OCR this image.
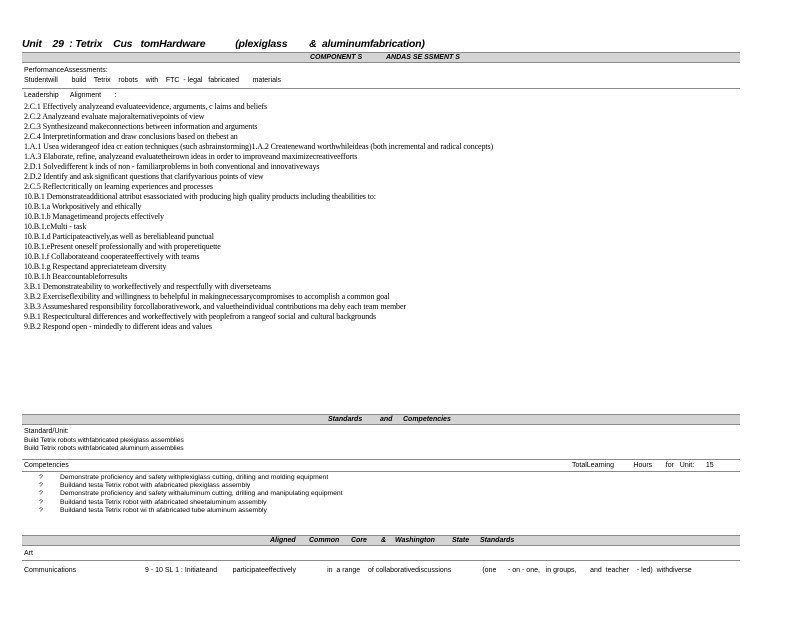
Unit    29  : Tetrix    Cus   tomHardware           (plexiglass        &  aluminumfabrication)
COMPONENT S	ANDAS SE SSMENT S
PerformanceAssessments:
Studentwill       build    Tetrix    robots    with    FTC  - legal   fabricated       materials
Leadership      Alignment       :
2.C.1 Effectively analyzeand evaluateevidence, arguments, c laims and beliefs
2.C.2 Analyzeand evaluate majoralternativepoints of view
2.C.3 Synthesizeand makeconnections between information and arguments
2.C.4 Interpretinformation and draw conclusions based on thebest an
1.A.1 Usea widerangeof idea cr eation techniques (such asbrainstorming)1.A.2 Createnewand worthwhileideas (both incremental and radical concepts)
1.A.3 Elaborate, refine, analyzeand evaluatetheirown ideas in order to improveand maximizecreativeefforts
2.D.1 Solvedifferent k inds of non - familiarproblems in both conventional and innovativeways
2.D.2 Identify and ask significant questions that clarifyvarious points of view
2.C.5 Reflectcritically on learning experiences and processes
10.B.1 Demonstrateadditional attribut esassociated with producing high quality products including theabilities to:
10.B.1.a Workpositively and ethically
10.B.1.b Managetimeand projects effectively
10.B.1.cMulti - task
10.B.1.d Participateactively,as well as bereliableand punctual
10.B.1.ePresent oneself professionally and with properetiquette
10.B.1.f Collaborateand cooperateeffectively with teams
10.B.1.g Respectand appreciateteam diversity
10.B.1.h Beaccountableforresults
3.B.1 Demonstrateability to workeffectively and respectfully with diverseteams
3.B.2 Exerciseflexibility and willingness to behelpful in makingnecessarycompromises to accomplish a common goal
3.B.3 Assumeshared responsibility forcollaborativework, and valuetheindividual contributions ma deby each team member
9.B.1 Respectcultural differences and workeffectively with peoplefrom a rangeof social and cultural backgrounds
9.B.2 Respond open - mindedly to different ideas and values
Standards	and Competencies
Standard/Unit:
Build Tetrix robots withfabricated plexiglass assemblies
Build Tetrix robots withfabricated aluminum assemblies
Competencies	TotalLearning          Hours       for   Unit:      15
?	Demonstrate proficiency and safety withplexiglass cutting, drilling and molding equipment
?	Buildand testa Tetrix robot with afabricated plexiglass assembly
?	Demonstrate proficiency and safety withaluminum cutting, drilling and manipulating equipment
?	Buildand testa Tetrix robot with afabricated sheetaluminum assembly
?	Buildand testa Tetrix robot wi th afabricated tube aluminum assembly
Aligned Common Core & Washington State Standards
Art
Communications	9 - 10 SL 1 : Initiateand        participateeffectively                in  a range    of collaborativediscussions                (one      - on - one,   in groups,       and  teacher    - led)  withdiverse
